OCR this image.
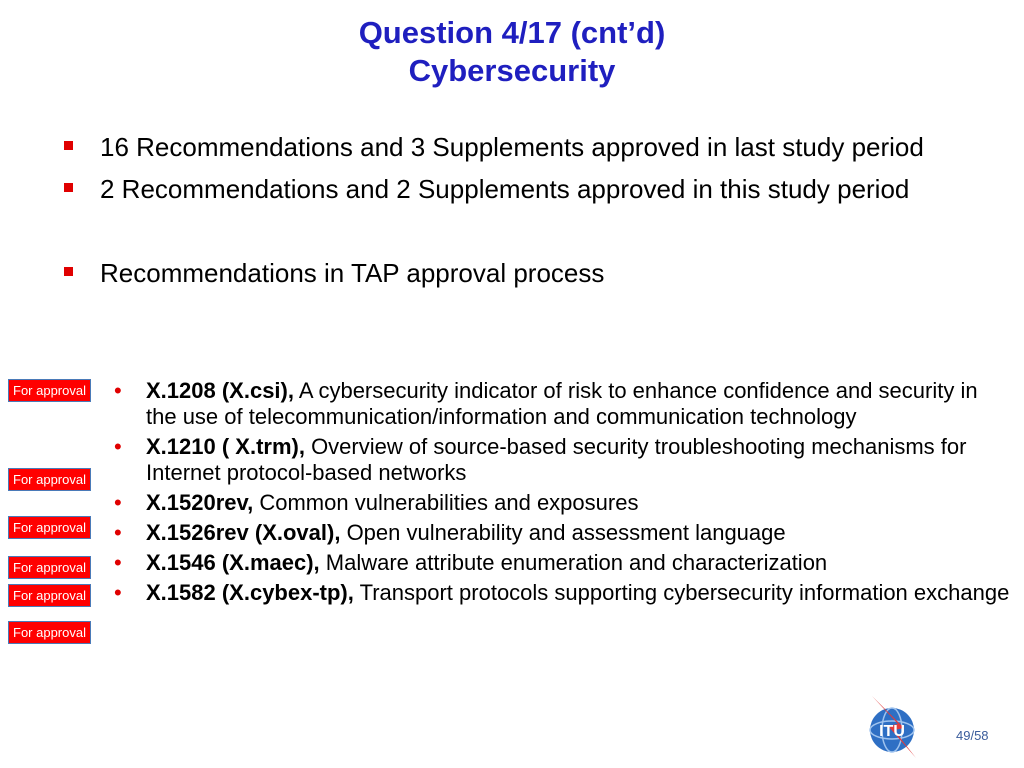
Question 4/17 (cnt’d)
Cybersecurity
16 Recommendations and 3 Supplements approved in last study period
2 Recommendations and 2 Supplements approved in this study period
Recommendations in TAP approval process
• X.1208 (X.csi), A cybersecurity indicator of risk to enhance confidence and security in the use of telecommunication/information and communication technology
• X.1210 ( X.trm), Overview of source-based security troubleshooting mechanisms for Internet protocol-based networks
• X.1520rev, Common vulnerabilities and exposures
• X.1526rev (X.oval), Open vulnerability and assessment language
• X.1546 (X.maec), Malware attribute enumeration and characterization
• X.1582 (X.cybex-tp), Transport protocols supporting cybersecurity information exchange
For approval
For approval
For approval
For approval
For approval
For approval
ITU	49/58
